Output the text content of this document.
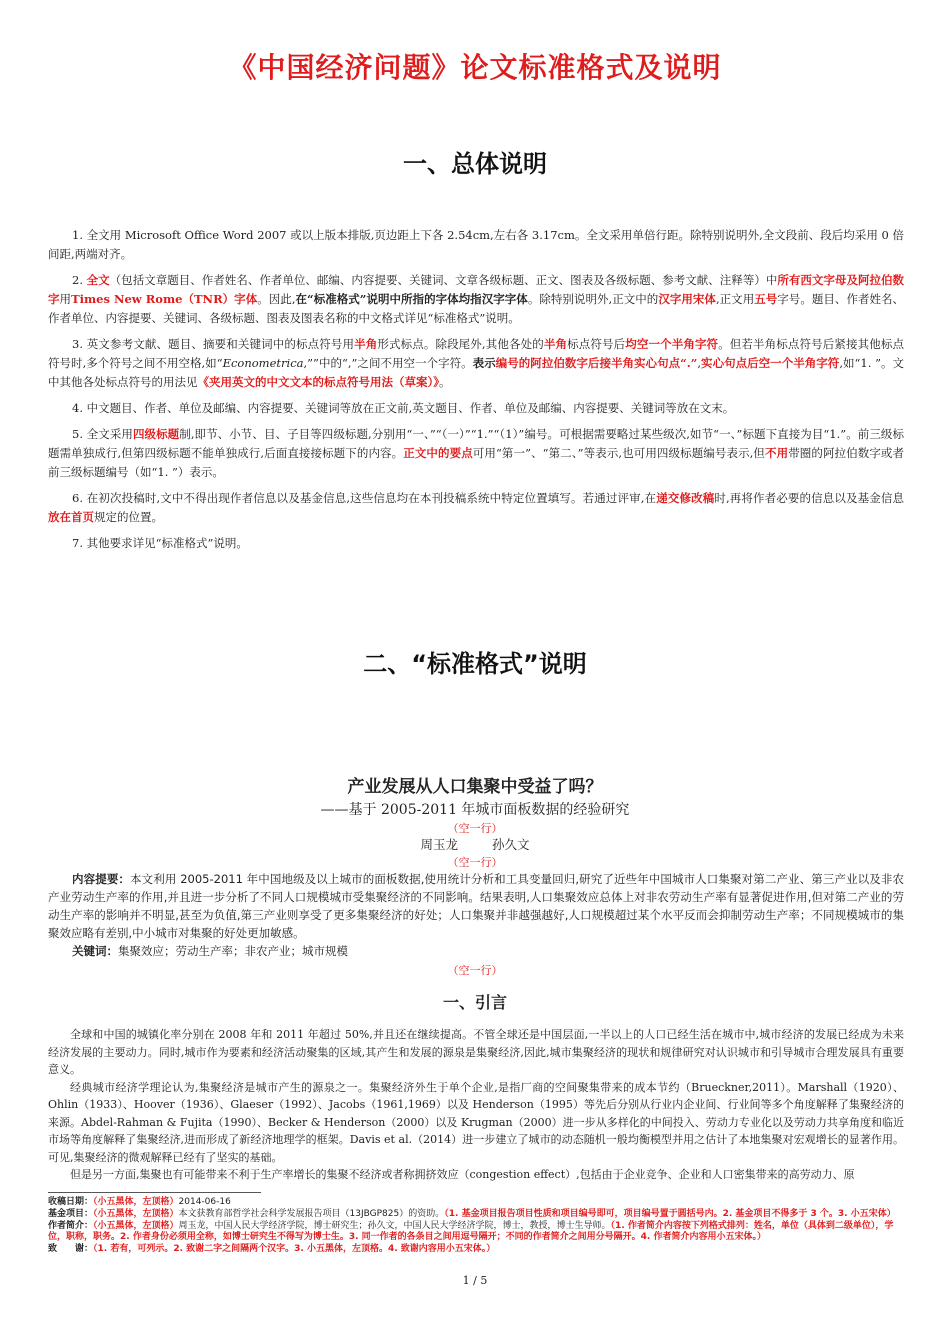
《中国经济问题》论文标准格式及说明
一、总体说明

1. 全文用 Microsoft Office Word 2007 或以上版本排版,页边距上下各 2.54cm,左右各 3.17cm。全文采用单倍行距。除特别说明外,全文段前、段后均采用 0 倍间距,两端对齐。

2. 全文（包括文章题目、作者姓名、作者单位、邮编、内容提要、关键词、文章各级标题、正文、图表及各级标题、参考文献、注释等）中所有西文字母及阿拉伯数字用Times New Rome（TNR）字体。因此,在“标准格式”说明中所指的字体均指汉字字体。除特别说明外,正文中的汉字用宋体,正文用五号字号。题目、作者姓名、作者单位、内容提要、关键词、各级标题、图表及图表名称的中文格式详见“标准格式”说明。

3. 英文参考文献、题目、摘要和关键词中的标点符号用半角形式标点。除段尾外,其他各处的半角标点符号后均空一个半角字符。但若半角标点符号后紧接其他标点符号时,多个符号之间不用空格,如“Econometrica,””中的“,”之间不用空一个字符。表示编号的阿拉伯数字后接半角实心句点“.”,实心句点后空一个半角字符,如“1. ”。文中其他各处标点符号的用法见《夹用英文的中文文本的标点符号用法（草案）》。

4. 中文题目、作者、单位及邮编、内容提要、关键词等放在正文前,英文题目、作者、单位及邮编、内容提要、关键词等放在文末。

5. 全文采用四级标题制,即节、小节、目、子目等四级标题,分别用“一、”“（一）”“1.”“（1）”编号。可根据需要略过某些级次,如节“一、”标题下直接为目“1.”。前三级标题需单独成行,但第四级标题不能单独成行,后面直接接标题下的内容。正文中的要点可用“第一”、“第二、”等表示,也可用四级标题编号表示,但不用带圈的阿拉伯数字或者前三级标题编号（如“1. ”）表示。

6. 在初次投稿时,文中不得出现作者信息以及基金信息,这些信息均在本刊投稿系统中特定位置填写。若通过评审,在递交修改稿时,再将作者必要的信息以及基金信息放在首页规定的位置。

7. 其他要求详见“标准格式”说明。

二、“标准格式”说明
产业发展从人口集聚中受益了吗？
——基于 2005-2011 年城市面板数据的经验研究
（空一行）
周玉龙	孙久文
（空一行）

内容提要：本文利用 2005-2011 年中国地级及以上城市的面板数据,使用统计分析和工具变量回归,研究了近些年中国城市人口集聚对第二产业、第三产业以及非农产业劳动生产率的作用,并且进一步分析了不同人口规模城市受集聚经济的不同影响。结果表明,人口集聚效应总体上对非农劳动生产率有显著促进作用,但对第二产业的劳动生产率的影响并不明显,甚至为负值,第三产业则享受了更多集聚经济的好处；人口集聚并非越强越好,人口规模超过某个水平反而会抑制劳动生产率；不同规模城市的集聚效应略有差别,中小城市对集聚的好处更加敏感。

关键词：集聚效应；劳动生产率；非农产业；城市规模

（空一行）
一、引言

全球和中国的城镇化率分别在 2008 年和 2011 年超过 50%,并且还在继续提高。不管全球还是中国层面,一半以上的人口已经生活在城市中,城市经济的发展已经成为未来经济发展的主要动力。同时,城市作为要素和经济活动聚集的区域,其产生和发展的源泉是集聚经济,因此,城市集聚经济的现状和规律研究对认识城市和引导城市合理发展具有重要意义。

经典城市经济学理论认为,集聚经济是城市产生的源泉之一。集聚经济外生于单个企业,是指厂商的空间聚集带来的成本节约（Brueckner,2011）。Marshall（1920）、Ohlin（1933）、Hoover（1936）、Glaeser（1992）、Jacobs（1961,1969）以及 Henderson（1995）等先后分别从行业内企业间、行业间等多个角度解释了集聚经济的来源。Abdel-Rahman & Fujita（1990）、Becker & Henderson（2000）以及 Krugman（2000）进一步从多样化的中间投入、劳动力专业化以及劳动力共享角度和临近市场等角度解释了集聚经济,进而形成了新经济地理学的框架。Davis et al.（2014）进一步建立了城市的动态随机一般均衡模型并用之估计了本地集聚对宏观增长的显著作用。可见,集聚经济的微观解释已经有了坚实的基础。

但是另一方面,集聚也有可能带来不利于生产率增长的集聚不经济或者称拥挤效应（congestion effect）,包括由于企业竞争、企业和人口密集带来的高劳动力、原

收稿日期：（小五黑体，左顶格）2014-06-16
基金项目：（小五黑体，左顶格）本文获教育部哲学社会科学发展报告项目（13JBGP825）的资助。（1. 基金项目报告项目性质和项目编号即可，项目编号置于圆括号内。2. 基金项目不得多于 3 个。3. 小五宋体）
作者简介：（小五黑体，左顶格）周玉龙，中国人民大学经济学院，博士研究生；孙久文，中国人民大学经济学院，博士，教授，博士生导师。（1. 作者简介内容按下列格式排列：姓名，单位（具体到二级单位），学位，职称，职务。2. 作者身份必须用全称，如博士研究生不得写为博士生。3. 同一作者的各条目之间用逗号隔开；不同的作者简介之间用分号隔开。4. 作者简介内容用小五宋体。）
致　　谢：（1. 若有，可列示。2. 致谢二字之间隔两个汉字。3. 小五黑体，左顶格。4. 致谢内容用小五宋体。）
1 / 5
